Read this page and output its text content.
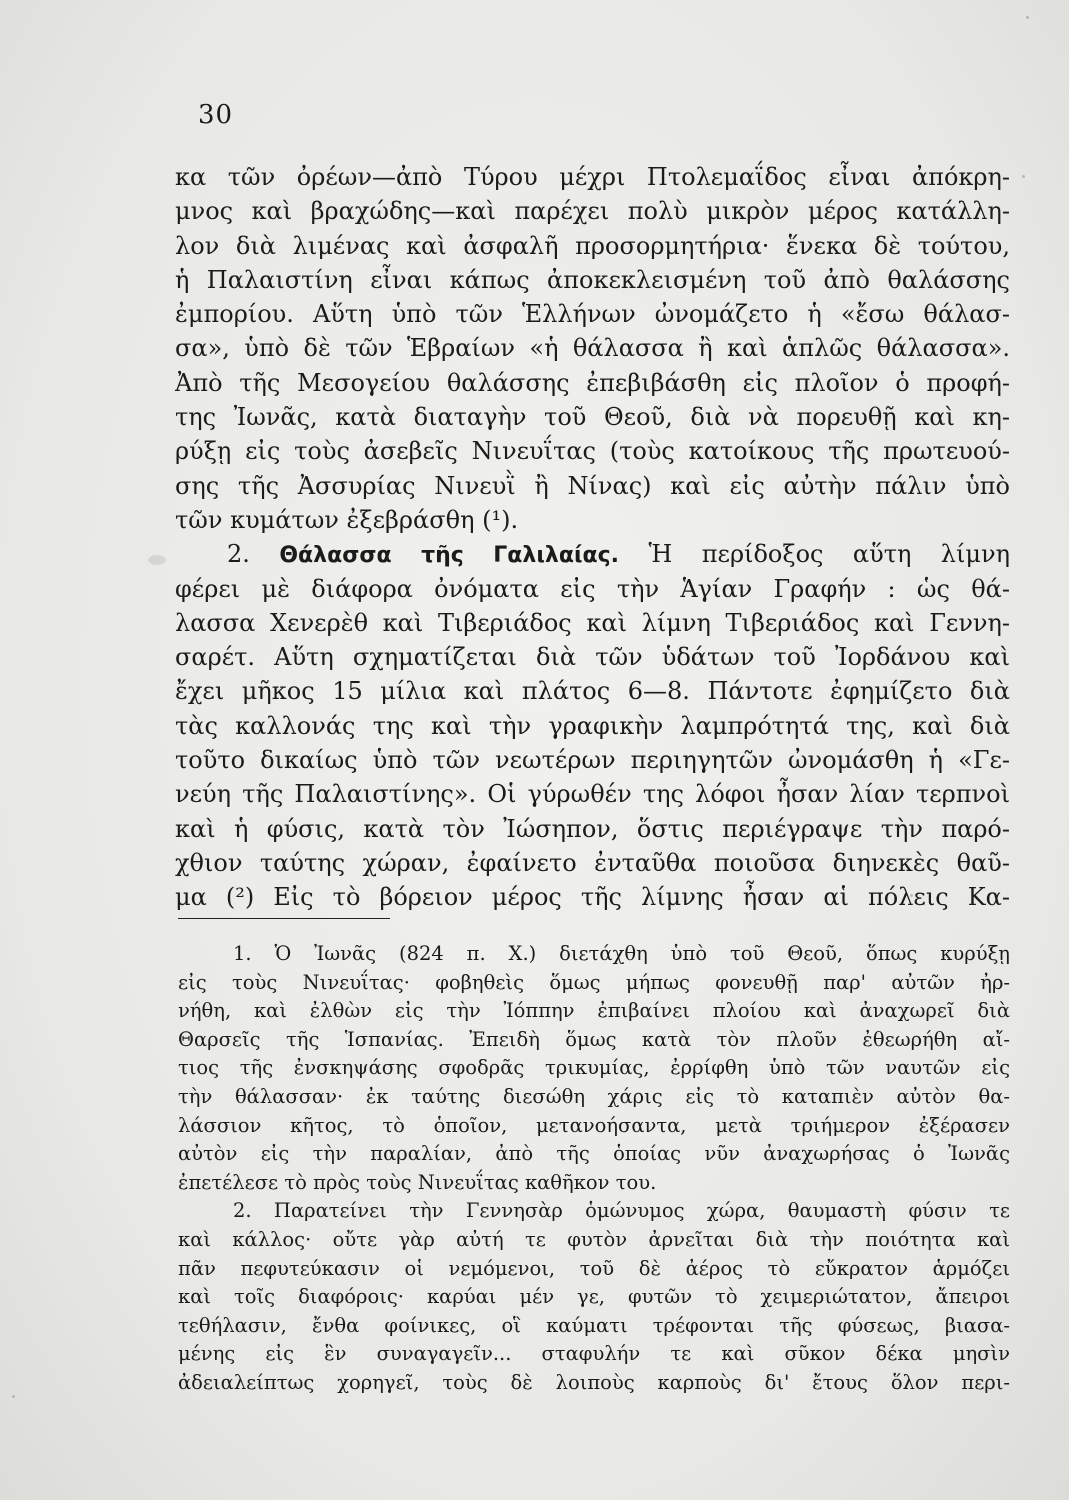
30
κα τῶν ὀρέων—ἀπὸ Τύρου μέχρι Πτολεμαΐδος εἶναι ἀπόκρη-
μνος καὶ βραχώδης—καὶ παρέχει πολὺ μικρὸν μέρος κατάλλη-
λον διὰ λιμένας καὶ ἀσφαλῆ προσορμητήρια· ἕνεκα δὲ τούτου,
ἡ Παλαιστίνη εἶναι κάπως ἀποκεκλεισμένη τοῦ ἀπὸ θαλάσσης
ἐμπορίου. Αὕτη ὑπὸ τῶν Ἑλλήνων ὠνομάζετο ἡ «ἔσω θάλασ-
σα», ὑπὸ δὲ τῶν Ἑβραίων «ἡ θάλασσα ἢ καὶ ἁπλῶς θάλασσα».
Ἀπὸ τῆς Μεσογείου θαλάσσης ἐπεβιβάσθη εἰς πλοῖον ὁ προφή-
της Ἰωνᾶς, κατὰ διαταγὴν τοῦ Θεοῦ, διὰ νὰ πορευθῇ καὶ κη-
ρύξῃ εἰς τοὺς ἀσεβεῖς Νινευΐτας (τοὺς κατοίκους τῆς πρωτευού-
σης τῆς Ἀσσυρίας Νινευῒ ἢ Νίνας) καὶ εἰς αὐτὴν πάλιν ὑπὸ
τῶν κυμάτων ἐξεβράσθη (¹).
2. Θάλασσα τῆς Γαλιλαίας. Ἡ περίδοξος αὕτη λίμνη
φέρει μὲ διάφορα ὀνόματα εἰς τὴν Ἁγίαν Γραφήν : ὡς θά-
λασσα Χενερὲθ καὶ Τιβεριάδος καὶ λίμνη Τιβεριάδος καὶ Γεννη-
σαρέτ. Αὕτη σχηματίζεται διὰ τῶν ὑδάτων τοῦ Ἰορδάνου καὶ
ἔχει μῆκος 15 μίλια καὶ πλάτος 6—8. Πάντοτε ἐφημίζετο διὰ
τὰς καλλονάς της καὶ τὴν γραφικὴν λαμπρότητά της, καὶ διὰ
τοῦτο δικαίως ὑπὸ τῶν νεωτέρων περιηγητῶν ὠνομάσθη ἡ «Γε-
νεύη τῆς Παλαιστίνης». Οἱ γύρωθέν της λόφοι ἦσαν λίαν τερπνοὶ
καὶ ἡ φύσις, κατὰ τὸν Ἰώσηπον, ὅστις περιέγραψε τὴν παρό-
χθιον ταύτης χώραν, ἐφαίνετο ἐνταῦθα ποιοῦσα διηνεκὲς θαῦ-
μα (²) Εἰς τὸ βόρειον μέρος τῆς λίμνης ἦσαν αἱ πόλεις Κα-
1. Ὁ Ἰωνᾶς (824 π. Χ.) διετάχθη ὑπὸ τοῦ Θεοῦ, ὅπως κυρύξῃ
εἰς τοὺς Νινευΐτας· φοβηθεὶς ὅμως μήπως φονευθῇ παρ' αὐτῶν ἠρ-
νήθη, καὶ ἐλθὼν εἰς τὴν Ἰόππην ἐπιβαίνει πλοίου καὶ ἀναχωρεῖ διὰ
Θαρσεῖς τῆς Ἱσπανίας. Ἐπειδὴ ὅμως κατὰ τὸν πλοῦν ἐθεωρήθη αἴ-
τιος τῆς ἐνσκηψάσης σφοδρᾶς τρικυμίας, ἐρρίφθη ὑπὸ τῶν ναυτῶν εἰς
τὴν θάλασσαν· ἐκ ταύτης διεσώθη χάρις εἰς τὸ καταπιὲν αὐτὸν θα-
λάσσιον κῆτος, τὸ ὁποῖον, μετανοήσαντα, μετὰ τριήμερον ἐξέρασεν
αὐτὸν εἰς τὴν παραλίαν, ἀπὸ τῆς ὁποίας νῦν ἀναχωρήσας ὁ Ἰωνᾶς
ἐπετέλεσε τὸ πρὸς τοὺς Νινευΐτας καθῆκον του.
2. Παρατείνει τὴν Γεννησὰρ ὁμώνυμος χώρα, θαυμαστὴ φύσιν τε
καὶ κάλλος· οὔτε γὰρ αὐτή τε φυτὸν ἀρνεῖται διὰ τὴν ποιότητα καὶ
πᾶν πεφυτεύκασιν οἱ νεμόμενοι, τοῦ δὲ ἀέρος τὸ εὔκρατον ἁρμόζει
καὶ τοῖς διαφόροις· καρύαι μέν γε, φυτῶν τὸ χειμεριώτατον, ἄπειροι
τεθήλασιν, ἔνθα φοίνικες, οἳ καύματι τρέφονται τῆς φύσεως, βιασα-
μένης εἰς ἓν συναγαγεῖν... σταφυλήν τε καὶ σῦκον δέκα μησὶν
ἀδειαλείπτως χορηγεῖ, τοὺς δὲ λοιποὺς καρποὺς δι' ἔτους ὅλον περι-
